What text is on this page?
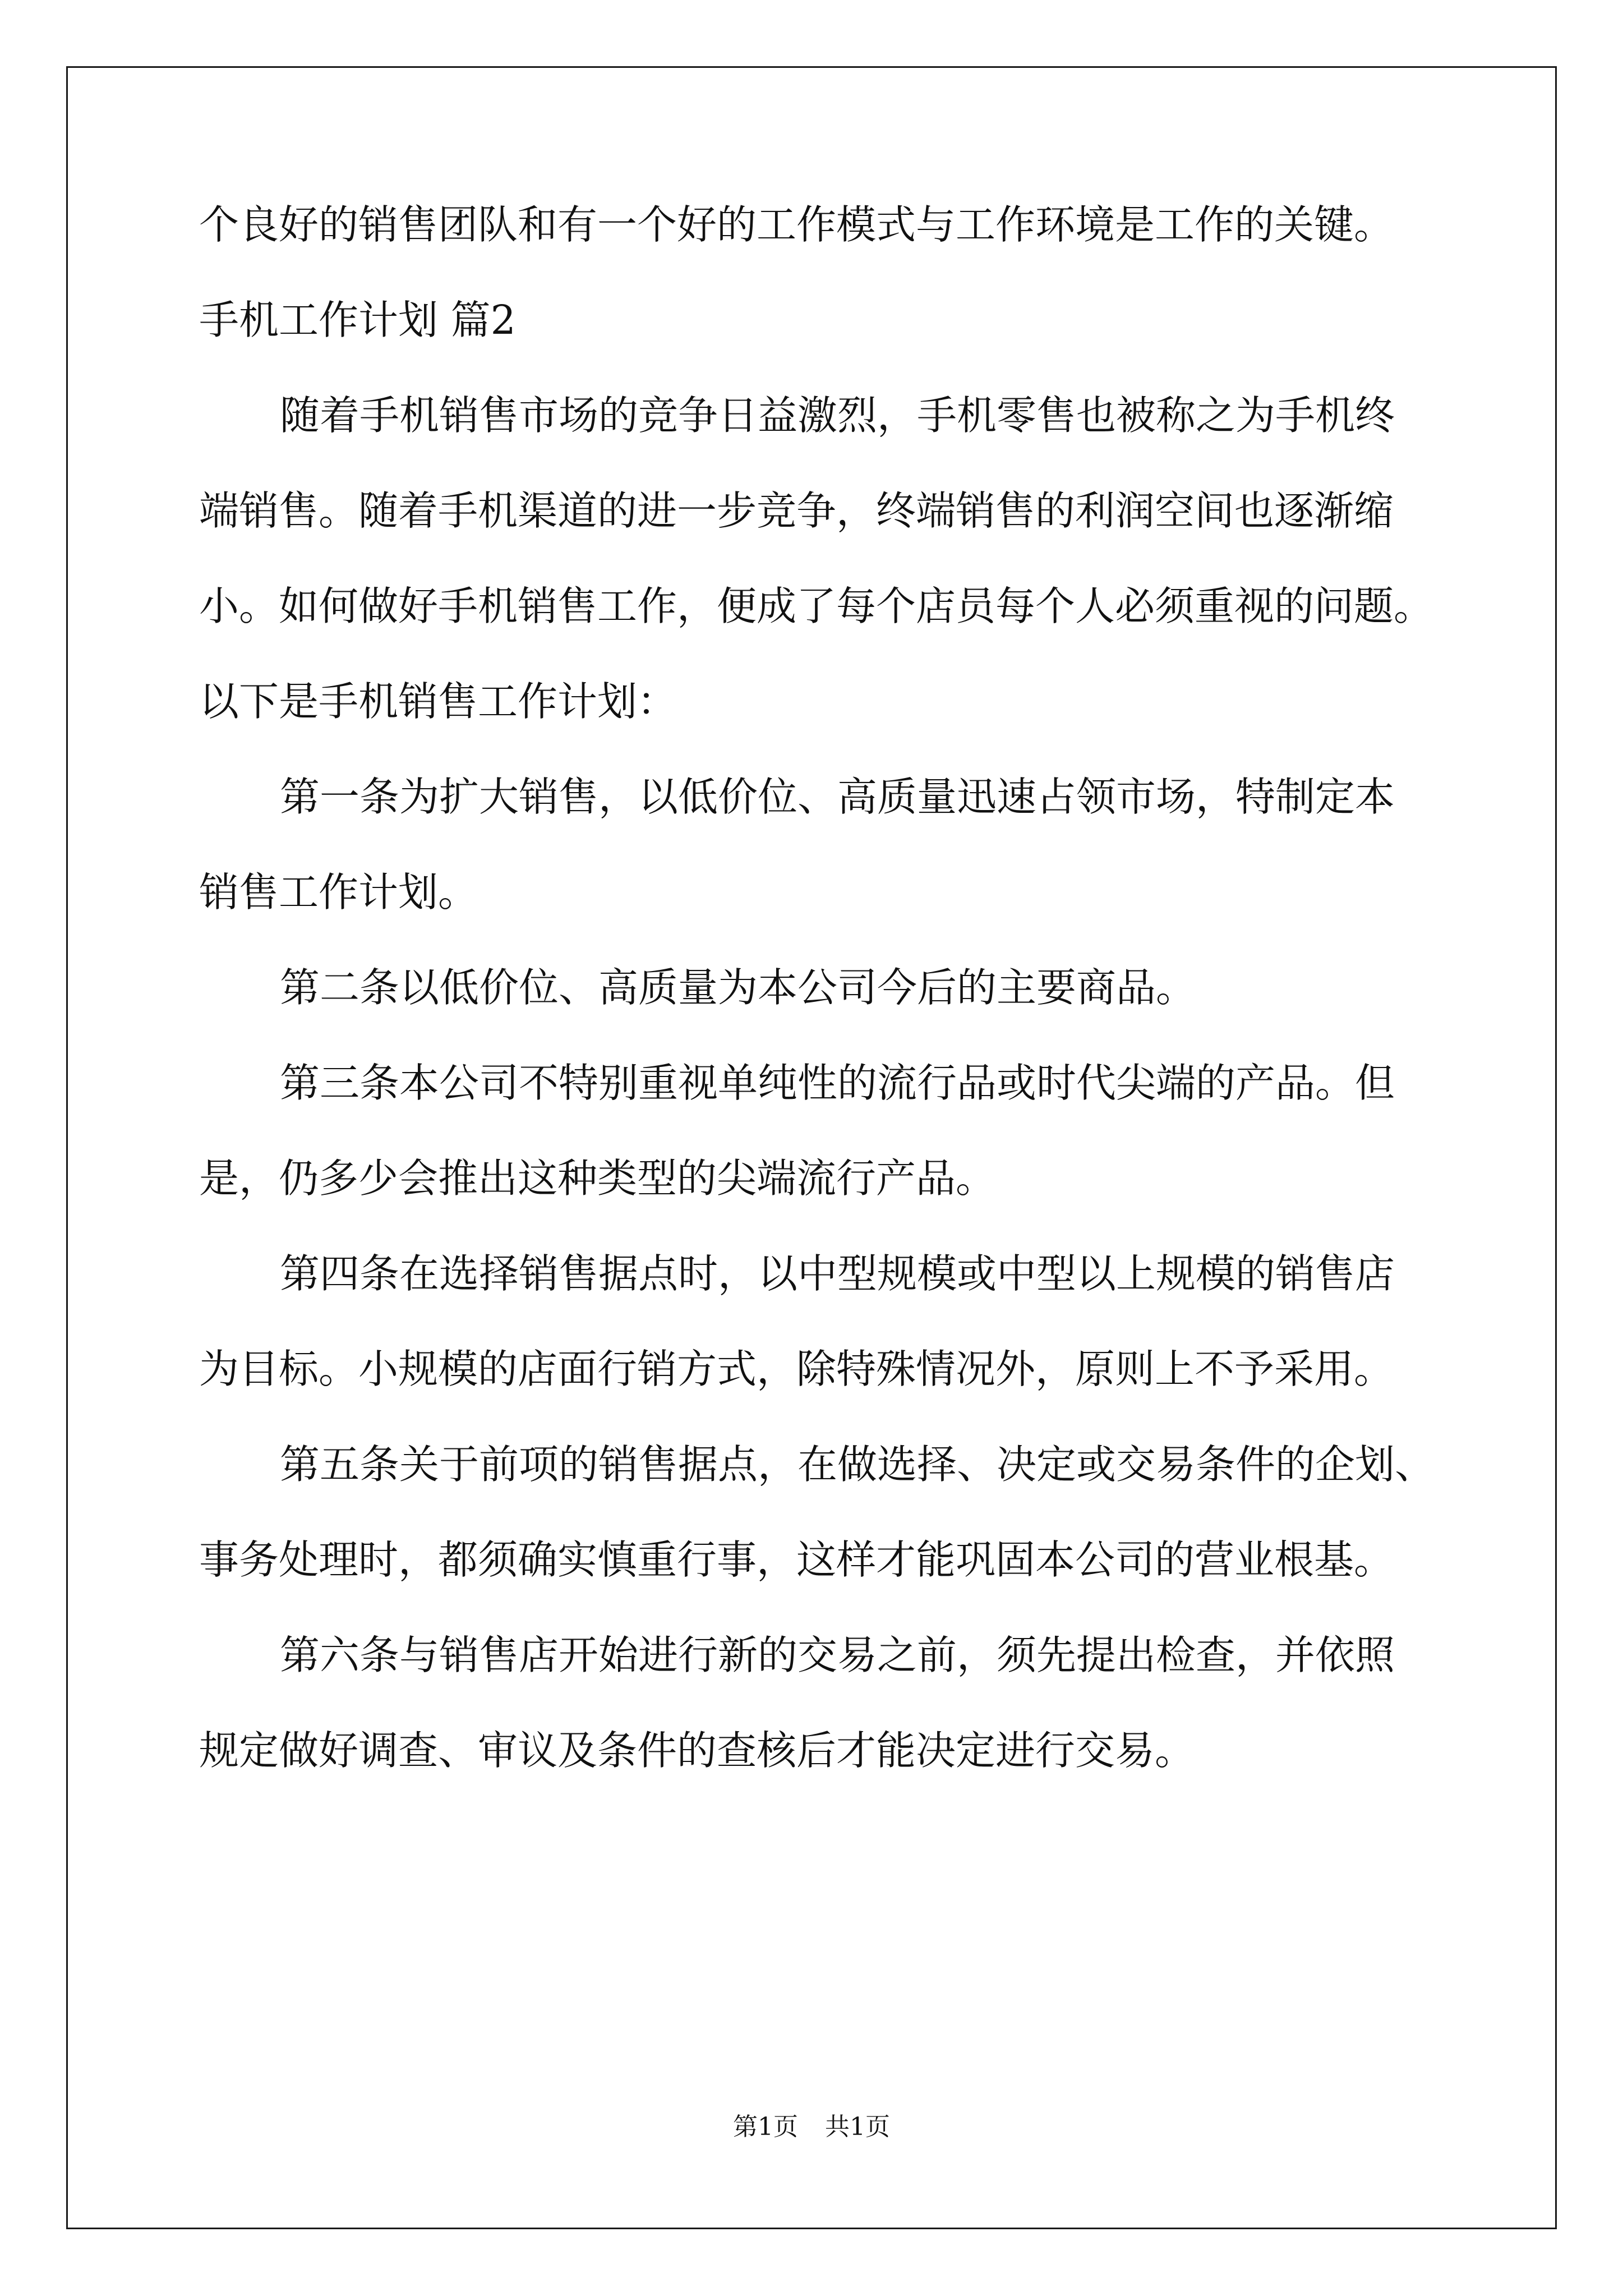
个良好的销售团队和有一个好的工作模式与工作环境是工作的关键。
手机工作计划 篇2
随着手机销售市场的竞争日益激烈，手机零售也被称之为手机终
端销售。随着手机渠道的进一步竞争，终端销售的利润空间也逐渐缩
小。如何做好手机销售工作，便成了每个店员每个人必须重视的问题。
以下是手机销售工作计划：
第一条为扩大销售，以低价位、高质量迅速占领市场，特制定本
销售工作计划。
第二条以低价位、高质量为本公司今后的主要商品。
第三条本公司不特别重视单纯性的流行品或时代尖端的产品。但
是，仍多少会推出这种类型的尖端流行产品。
第四条在选择销售据点时，以中型规模或中型以上规模的销售店
为目标。小规模的店面行销方式，除特殊情况外，原则上不予采用。
第五条关于前项的销售据点，在做选择、决定或交易条件的企划、
事务处理时，都须确实慎重行事，这样才能巩固本公司的营业根基。
第六条与销售店开始进行新的交易之前，须先提出检查，并依照
规定做好调查、审议及条件的查核后才能决定进行交易。
第1页 共1页
